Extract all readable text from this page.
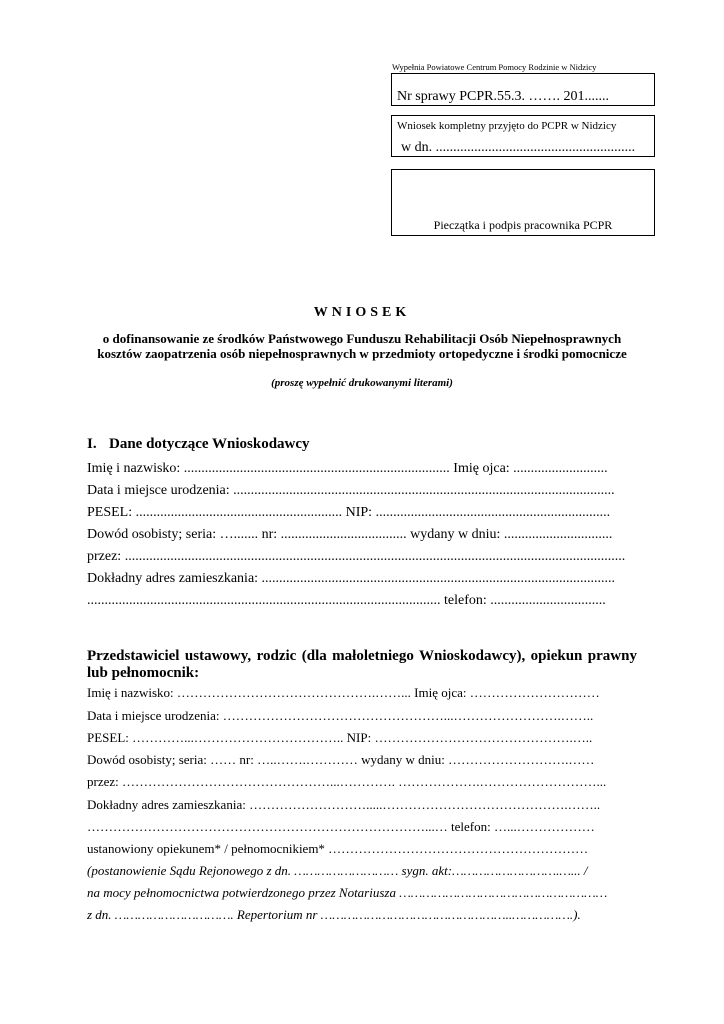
Wypełnia Powiatowe Centrum Pomocy Rodzinie w Nidzicy
Nr sprawy PCPR.55.3. ……. 201.......
Wniosek kompletny przyjęto do PCPR w Nidzicy
w dn. .........................................................
Pieczątka i podpis pracownika PCPR
WNIOSEK
o dofinansowanie ze środków Państwowego Funduszu Rehabilitacji Osób Niepełnosprawnych
kosztów zaopatrzenia osób niepełnosprawnych w przedmioty ortopedyczne i środki pomocnicze
(proszę wypełnić drukowanymi literami)
I. Dane dotyczące Wnioskodawcy
Imię i nazwisko: ............................................................................ Imię ojca: ...........................
Data i miejsce urodzenia: .............................................................................................................
PESEL: ........................................................... NIP: ...................................................................
Dowód osobisty; seria: …....... nr: .................................... wydany w dniu: ...............................
przez: ...............................................................................................................................................
Dokładny adres zamieszkania: .....................................................................................................
..................................................................................................... telefon: .................................
Przedstawiciel ustawowy, rodzic (dla małoletniego Wnioskodawcy), opiekun prawny lub pełnomocnik:
Imię i nazwisko: ……………………………………….……... Imię ojca: …………………………
Data i miejsce urodzenia: ……………………………………………...…………………….……..
PESEL: …………...…………………………….. NIP: ……………………………………….…..
Dowód osobisty; seria: …… nr: …..…….………… wydany w dniu: ……………………….……
przez: …………………………………………...…………. ……………….………………………...
Dokładny adres zamieszkania: ……………………….....…………………………………….……..
……………………………………………………………………...… telefon: …...………………
ustanowiony opiekunem* / pełnomocnikiem* ……………………………………………………
(postanowienie Sądu Rejonowego z dn. ……………………… sygn. akt:……………………….…... /
na mocy pełnomocnictwa potwierdzonego przez Notariusza ………………………………………………
z dn. …………………………. Repertorium nr …………………………………………..…………….).
